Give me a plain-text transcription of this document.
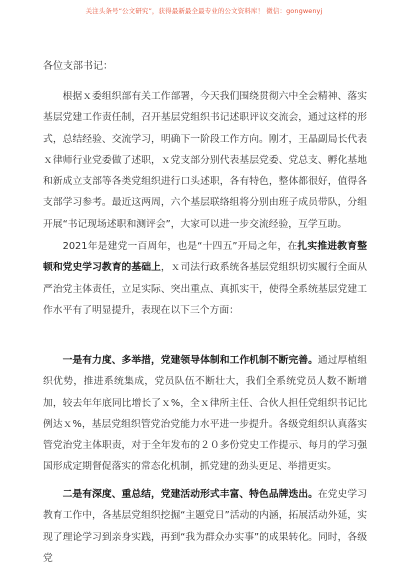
关注头条号“公文研究”，获得最新最全最专业的公文资料库！ 微信：gongwenyj
各位支部书记：

根据ｘ委组织部有关工作部署，今天我们围绕贯彻六中全会精神、落实基层党建工作责任制，召开基层党组织书记述职评议交流会，通过这样的形式，总结经验、交流学习，明确下一阶段工作方向。刚才，王晶副局长代表ｘ律师行业党委做了述职，ｘ党支部分别代表基层党委、党总支、孵化基地和新成立支部等各类党组织进行口头述职，各有特色，整体都很好，值得各支部学习参考。最近这两周，六个基层联络组将分别由班子成员带队，分组开展“书记现场述职和测评会”，大家可以进一步交流经验，互学互助。

2021年是建党一百周年，也是“十四五”开局之年，在扎实推进教育整顿和党史学习教育的基础上，ｘ司法行政系统各基层党组织切实履行全面从严治党主体责任，立足实际、突出重点、真抓实干，使得全系统基层党建工作水平有了明显提升，表现在以下三个方面：

一是有力度、多举措，党建领导体制和工作机制不断完善。通过厚植组织优势，推进系统集成，党员队伍不断壮大，我们全系统党员人数不断增加，较去年年底同比增长了ｘ%，全ｘ律所主任、合伙人担任党组织书记比例达ｘ%，基层党组织管党治党能力水平进一步提升。各级党组织认真落实管党治党主体职责，对于全年发布的２０多份党史工作提示、每月的学习强国形成定期督促落实的常态化机制，抓党建的劲头更足、举措更实。

二是有深度、重总结，党建活动形式丰富、特色品牌迭出。在党史学习教育工作中，各基层党组织挖掘“主题党日”活动的内涵，拓展活动外延，实现了理论学习到亲身实践，再到“我为群众办实事”的成果转化。同时，各级党
